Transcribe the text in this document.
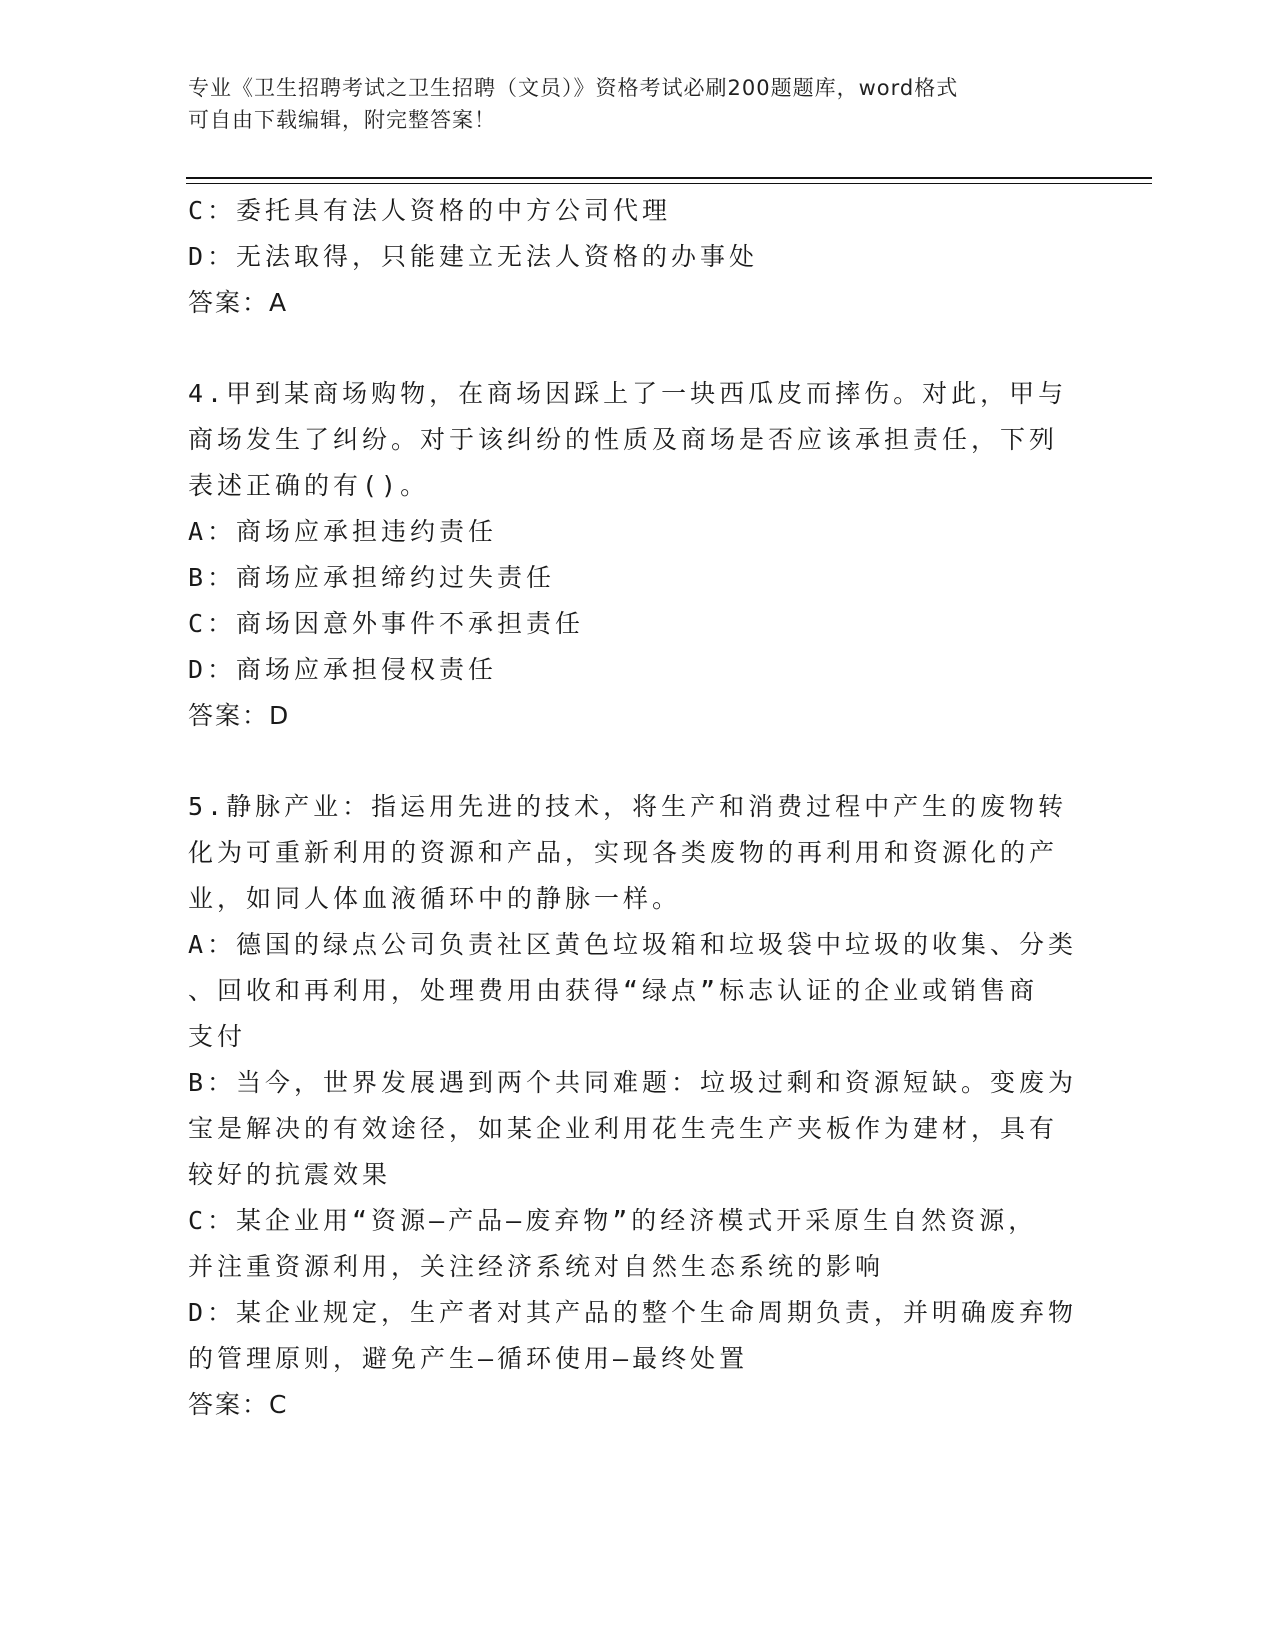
专业《卫生招聘考试之卫生招聘（文员）》资格考试必刷200题题库，word格式
可自由下载编辑，附完整答案！
C：委托具有法人资格的中方公司代理
D：无法取得，只能建立无法人资格的办事处
答案：A
4.甲到某商场购物，在商场因踩上了一块西瓜皮而摔伤。对此，甲与
商场发生了纠纷。对于该纠纷的性质及商场是否应该承担责任，下列
表述正确的有()。
A：商场应承担违约责任
B：商场应承担缔约过失责任
C：商场因意外事件不承担责任
D：商场应承担侵权责任
答案：D
5.静脉产业：指运用先进的技术，将生产和消费过程中产生的废物转
化为可重新利用的资源和产品，实现各类废物的再利用和资源化的产
业，如同人体血液循环中的静脉一样。
A：德国的绿点公司负责社区黄色垃圾箱和垃圾袋中垃圾的收集、分类
、回收和再利用，处理费用由获得“绿点”标志认证的企业或销售商
支付
B：当今，世界发展遇到两个共同难题：垃圾过剩和资源短缺。变废为
宝是解决的有效途径，如某企业利用花生壳生产夹板作为建材，具有
较好的抗震效果
C：某企业用“资源—产品—废弃物”的经济模式开采原生自然资源，
并注重资源利用，关注经济系统对自然生态系统的影响
D：某企业规定，生产者对其产品的整个生命周期负责，并明确废弃物
的管理原则，避免产生—循环使用—最终处置
答案：C
